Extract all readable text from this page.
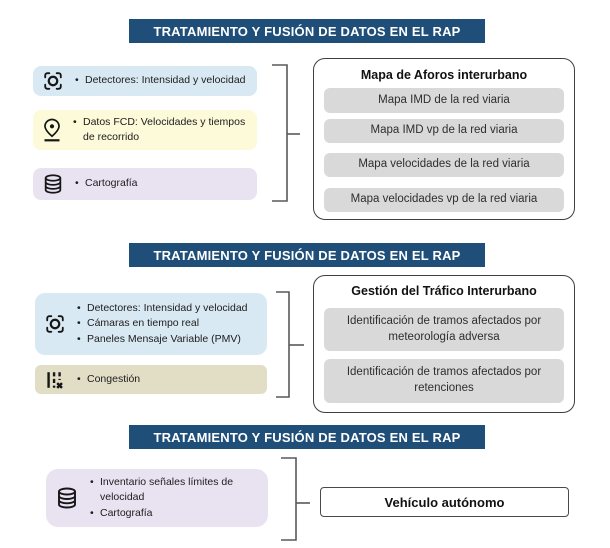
TRATAMIENTO Y FUSIÓN DE DATOS EN EL RAP
• Detectores: Intensidad y velocidad
• Datos FCD: Velocidades y tiempos de recorrido
• Cartografía
Mapa de Aforos interurbano
Mapa IMD de la red viaria
Mapa IMD vp de la red viaria
Mapa velocidades de la red viaria
Mapa velocidades vp de la red viaria
TRATAMIENTO Y FUSIÓN DE DATOS EN EL RAP
• Detectores: Intensidad y velocidad
• Cámaras en tiempo real
• Paneles Mensaje Variable (PMV)
• Congestión
Gestión del Tráfico Interurbano
Identificación de tramos afectados por meteorología adversa
Identificación de tramos afectados por retenciones
TRATAMIENTO Y FUSIÓN DE DATOS EN EL RAP
• Inventario señales límites de velocidad
• Cartografía
Vehículo autónomo
